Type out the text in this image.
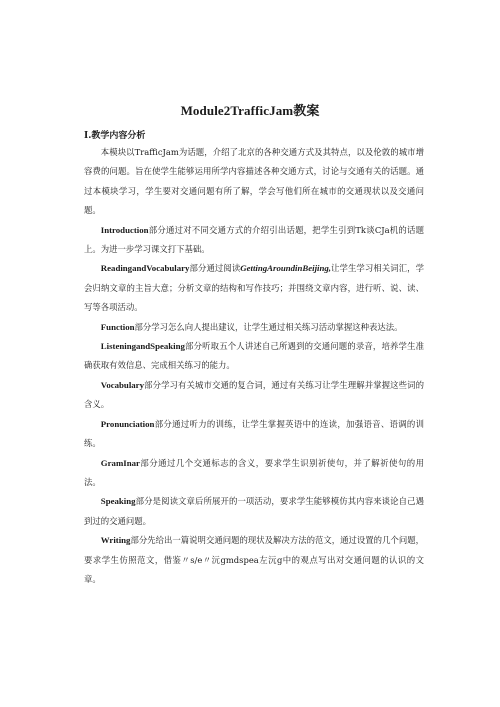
Module2TrafficJam教案
I.教学内容分析

本模块以TrafficJam为话题，介绍了北京的各种交通方式及其特点，以及伦敦的城市增容费的问题。旨在使学生能够运用所学内容描述各种交通方式，讨论与交通有关的话题。通过本模块学习，学生要对交通问题有所了解，学会写他们所在城市的交通现状以及交通问题。

Introduction部分通过对不同交通方式的介绍引出话题，把学生引到Tk谈CJa机的话题上。为进一步学习课文打下基础。

ReadingandVocabulary部分通过阅读GettingAroundinBeijing,让学生学习相关词汇，学会归纳文章的主旨大意；分析文章的结构和写作技巧；并围绕文章内容，进行听、说、读、写等各项活动。

Function部分学习怎么向人提出建议，让学生通过相关练习活动掌握这种表达法。

ListeningandSpeaking部分听取五个人讲述自己所遇到的交通问题的录音，培养学生准确获取有效信息、完成相关练习的能力。

Vocabulary部分学习有关城市交通的复合词，通过有关练习让学生理解并掌握这些词的含义。

Pronunciation部分通过听力的训练，让学生掌握英语中的连读，加强语音、语调的训练。

GramInar部分通过几个交通标志的含义，要求学生识别祈使句，并了解祈使句的用法。

Speaking部分是阅读文章后所展开的一项活动，要求学生能够模仿其内容来谈论自己遇到过的交通问题。

Writing部分先给出一篇说明交通问题的现状及解决方法的范文，通过设置的几个问题，要求学生仿照范文，借鉴〃s/e〃沅gmdspea左沅g中的观点写出对交通问题的认识的文章。
